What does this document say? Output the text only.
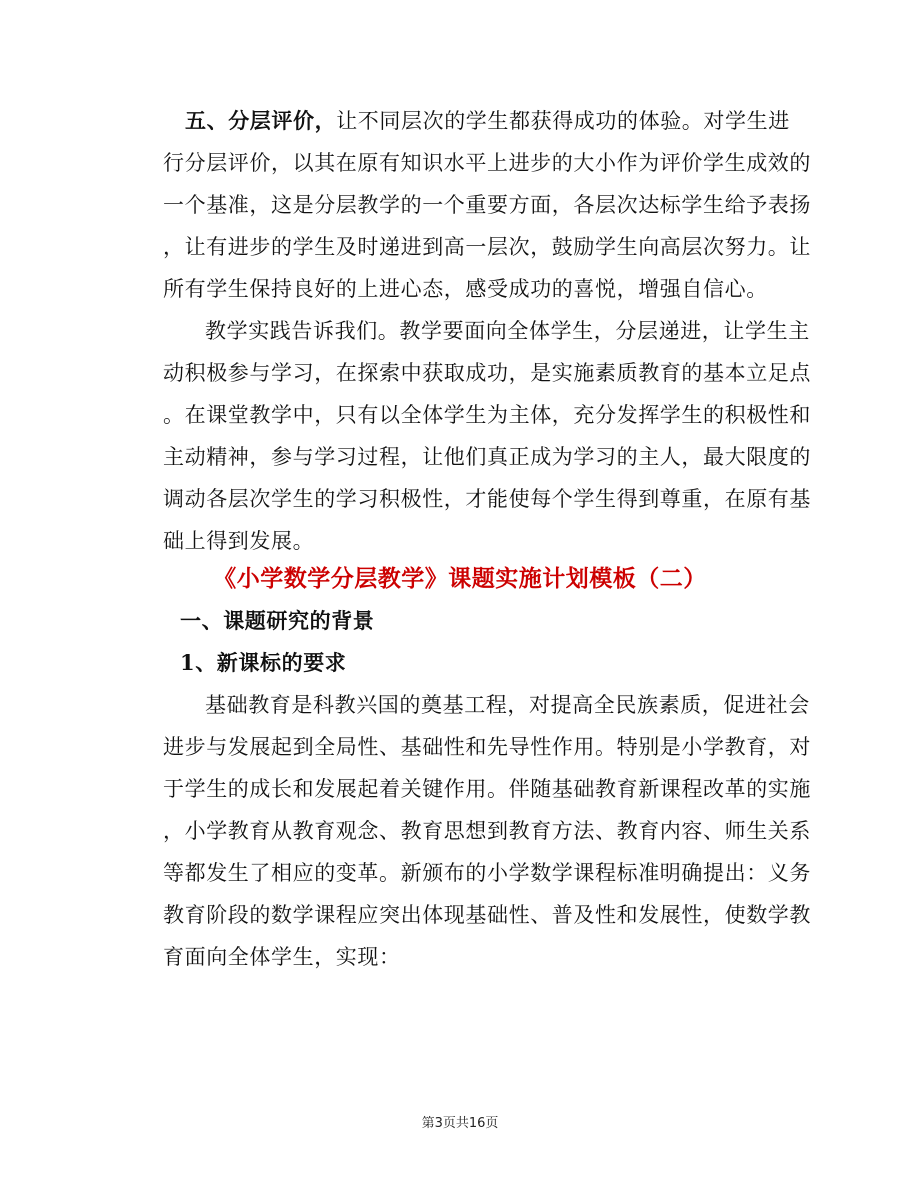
五、分层评价，让不同层次的学生都获得成功的体验。对学生进
行分层评价，以其在原有知识水平上进步的大小作为评价学生成效的
一个基准，这是分层教学的一个重要方面，各层次达标学生给予表扬
，让有进步的学生及时递进到高一层次，鼓励学生向高层次努力。让
所有学生保持良好的上进心态，感受成功的喜悦，增强自信心。
教学实践告诉我们。教学要面向全体学生，分层递进，让学生主
动积极参与学习，在探索中获取成功，是实施素质教育的基本立足点
。在课堂教学中，只有以全体学生为主体，充分发挥学生的积极性和
主动精神，参与学习过程，让他们真正成为学习的主人，最大限度的
调动各层次学生的学习积极性，才能使每个学生得到尊重，在原有基
础上得到发展。
《小学数学分层教学》课题实施计划模板（二）
一、课题研究的背景
1、新课标的要求
基础教育是科教兴国的奠基工程，对提高全民族素质，促进社会
进步与发展起到全局性、基础性和先导性作用。特别是小学教育，对
于学生的成长和发展起着关键作用。伴随基础教育新课程改革的实施
，小学教育从教育观念、教育思想到教育方法、教育内容、师生关系
等都发生了相应的变革。新颁布的小学数学课程标准明确提出：义务
教育阶段的数学课程应突出体现基础性、普及性和发展性，使数学教
育面向全体学生，实现：
第3页共16页
